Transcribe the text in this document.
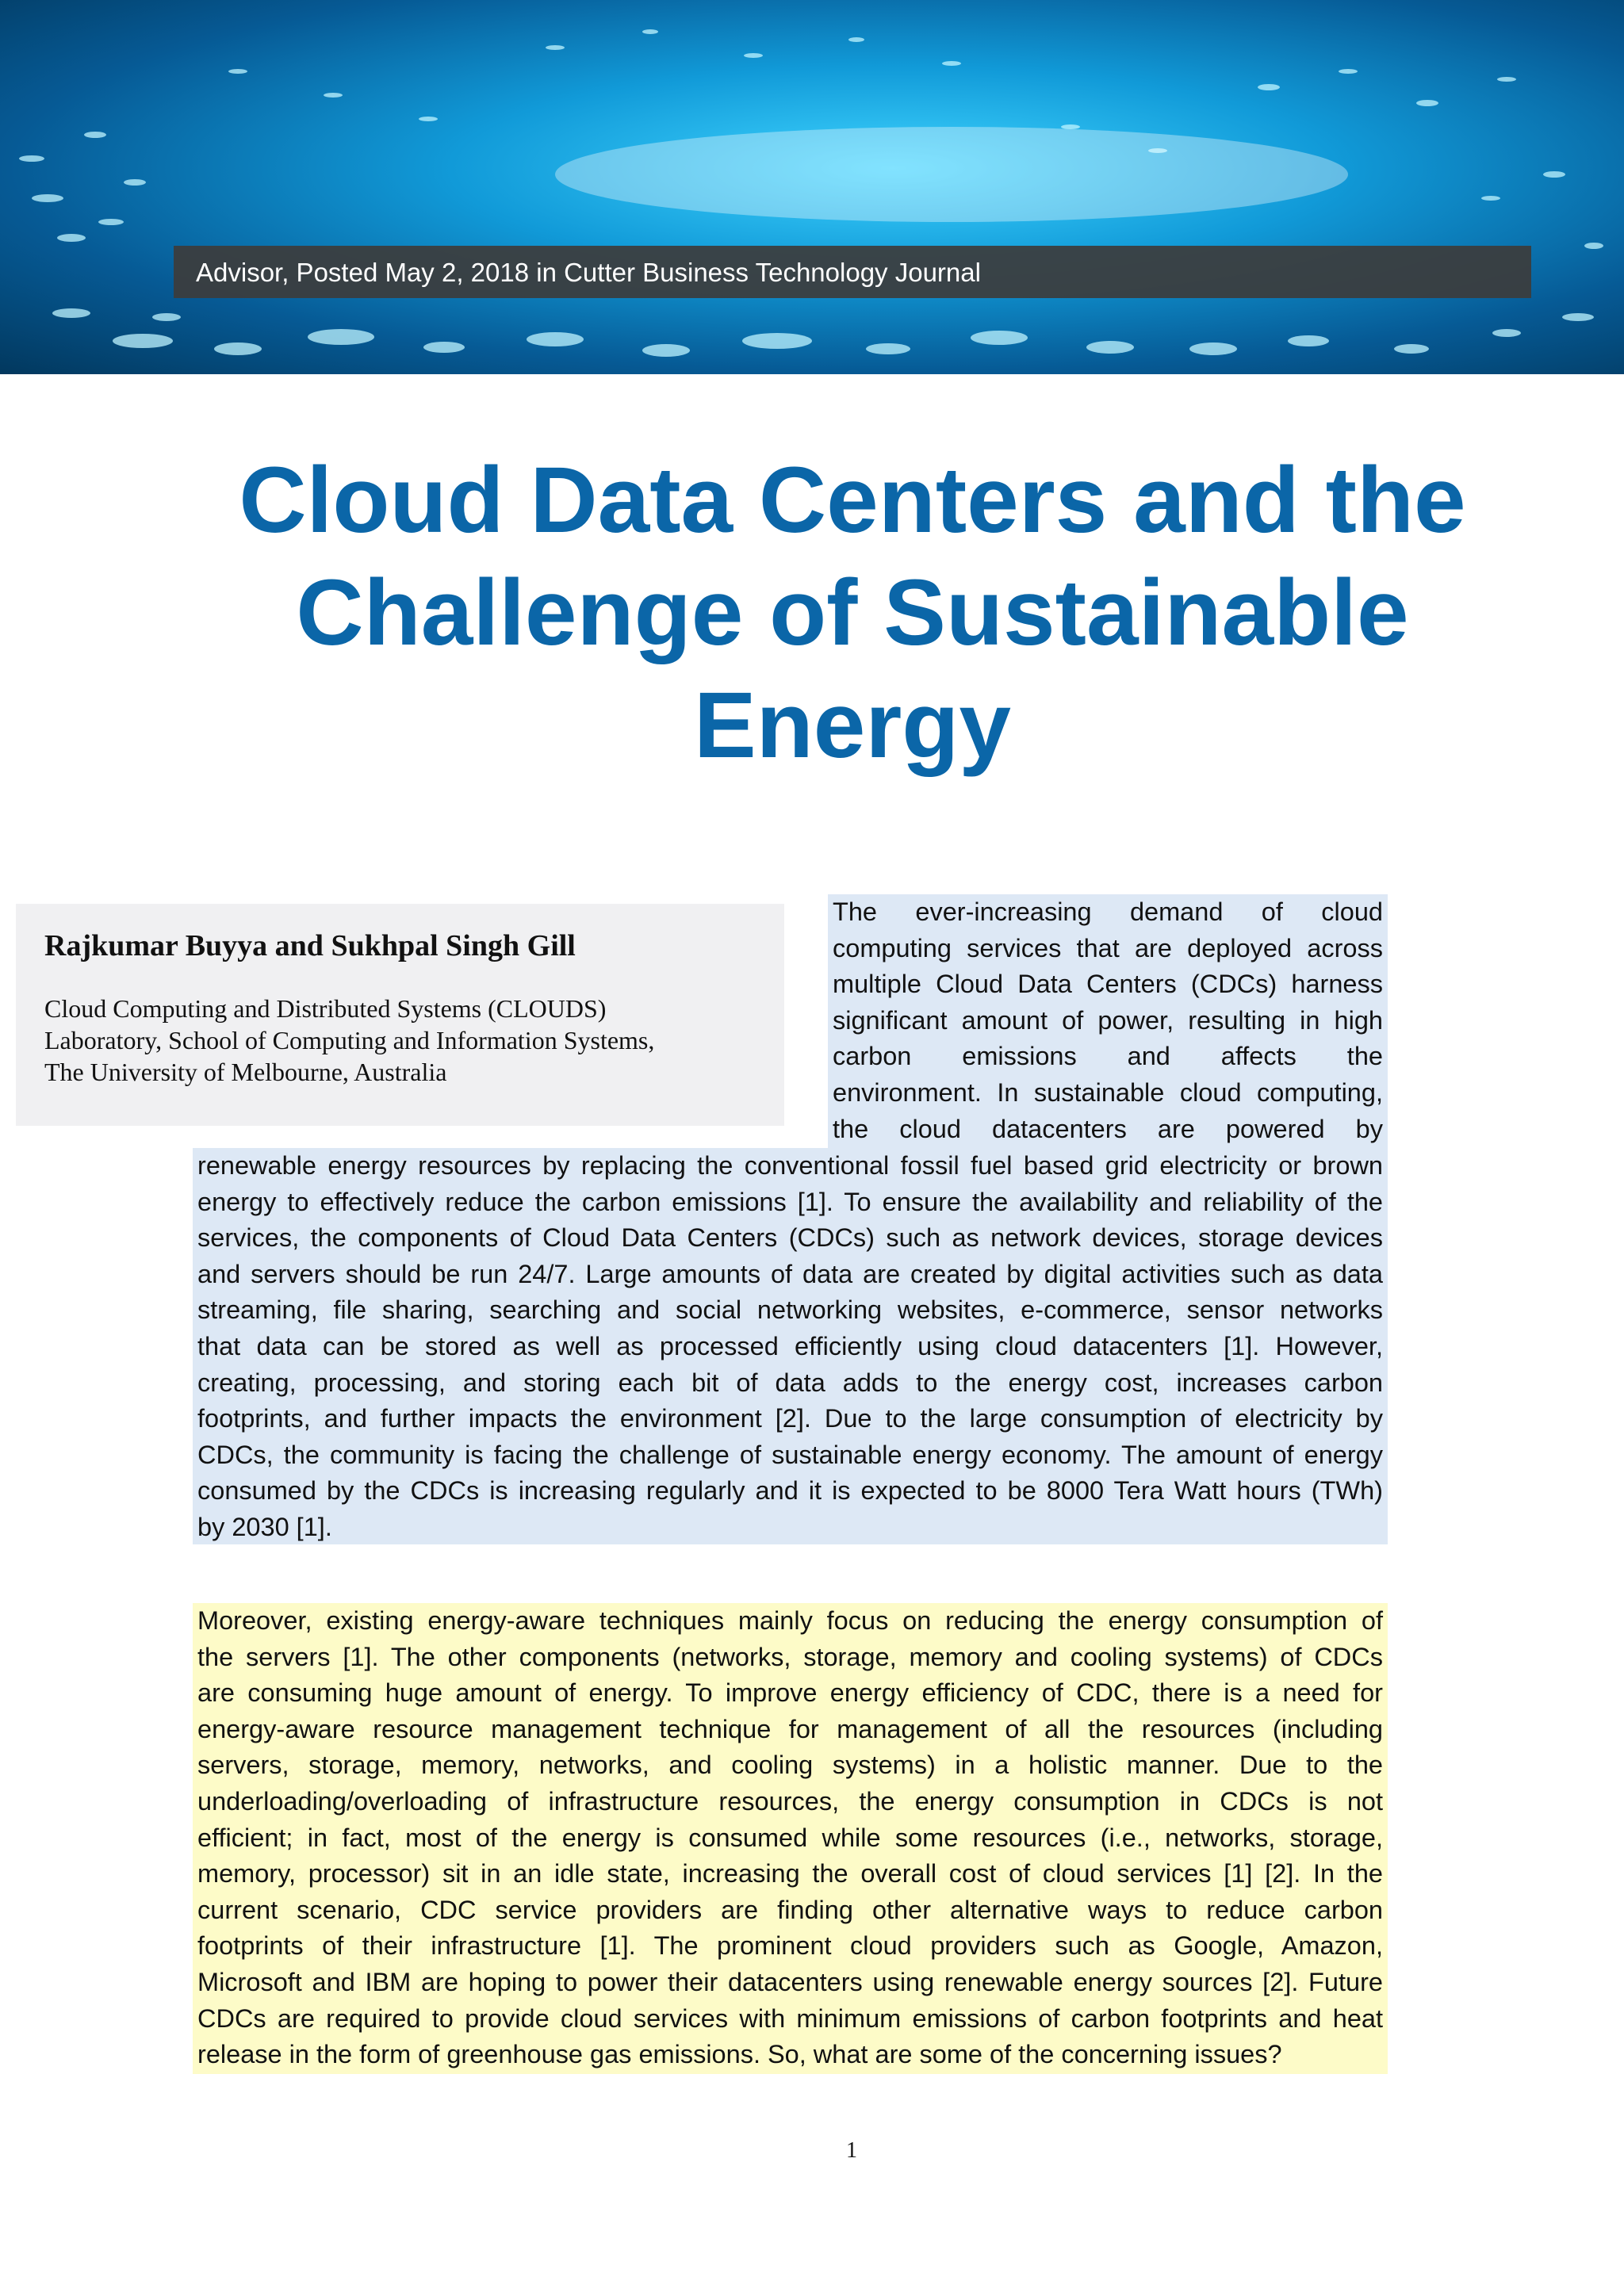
Advisor, Posted May 2, 2018 in Cutter Business Technology Journal
Cloud Data Centers and the
Challenge of Sustainable
Energy
Rajkumar Buyya and Sukhpal Singh Gill
Cloud Computing and Distributed Systems (CLOUDS)
Laboratory, School of Computing and Information Systems,
The University of Melbourne, Australia
The ever-increasing demand of cloud
computing services that are deployed across
multiple Cloud Data Centers (CDCs) harness
significant amount of power, resulting in high
carbon emissions and affects the
environment. In sustainable cloud computing,
the cloud datacenters are powered by
renewable energy resources by replacing the conventional fossil fuel based grid electricity or brown
energy to effectively reduce the carbon emissions [1]. To ensure the availability and reliability of the
services, the components of Cloud Data Centers (CDCs) such as network devices, storage devices
and servers should be run 24/7. Large amounts of data are created by digital activities such as data
streaming, file sharing, searching and social networking websites, e-commerce, sensor networks
that data can be stored as well as processed efficiently using cloud datacenters [1]. However,
creating, processing, and storing each bit of data adds to the energy cost, increases carbon
footprints, and further impacts the environment [2]. Due to the large consumption of electricity by
CDCs, the community is facing the challenge of sustainable energy economy. The amount of energy
consumed by the CDCs is increasing regularly and it is expected to be 8000 Tera Watt hours (TWh)
by 2030 [1].
Moreover, existing energy-aware techniques mainly focus on reducing the energy consumption of
the servers [1]. The other components (networks, storage, memory and cooling systems) of CDCs
are consuming huge amount of energy. To improve energy efficiency of CDC, there is a need for
energy-aware resource management technique for management of all the resources (including
servers, storage, memory, networks, and cooling systems) in a holistic manner. Due to the
underloading/overloading of infrastructure resources, the energy consumption in CDCs is not
efficient; in fact, most of the energy is consumed while some resources (i.e., networks, storage,
memory, processor) sit in an idle state, increasing the overall cost of cloud services [1] [2]. In the
current scenario, CDC service providers are finding other alternative ways to reduce carbon
footprints of their infrastructure [1]. The prominent cloud providers such as Google, Amazon,
Microsoft and IBM are hoping to power their datacenters using renewable energy sources [2]. Future
CDCs are required to provide cloud services with minimum emissions of carbon footprints and heat
release in the form of greenhouse gas emissions. So, what are some of the concerning issues?
1
